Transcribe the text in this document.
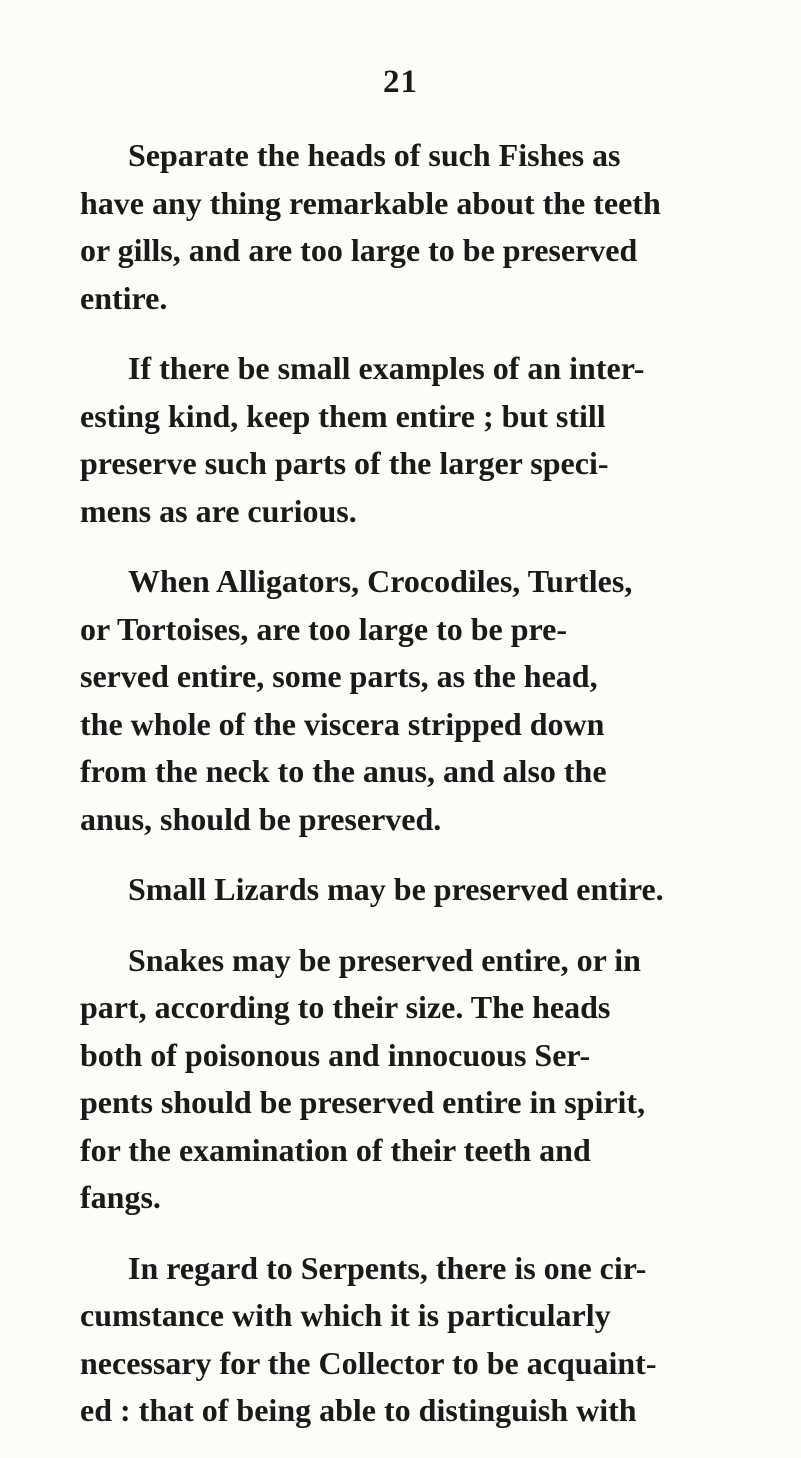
21

Separate the heads of such Fishes as
have any thing remarkable about the teeth
or gills, and are too large to be preserved
entire.

If there be small examples of an inter-
esting kind, keep them entire ; but still
preserve such parts of the larger speci-
mens as are curious.

When Alligators, Crocodiles, Turtles,
or Tortoises, are too large to be pre-
served entire, some parts, as the head,
the whole of the viscera stripped down
from the neck to the anus, and also the
anus, should be preserved.

Small Lizards may be preserved entire.

Snakes may be preserved entire, or in
part, according to their size. The heads
both of poisonous and innocuous Ser-
pents should be preserved entire in spirit,
for the examination of their teeth and
fangs.

In regard to Serpents, there is one cir-
cumstance with which it is particularly
necessary for the Collector to be acquaint-
ed : that of being able to distinguish with
